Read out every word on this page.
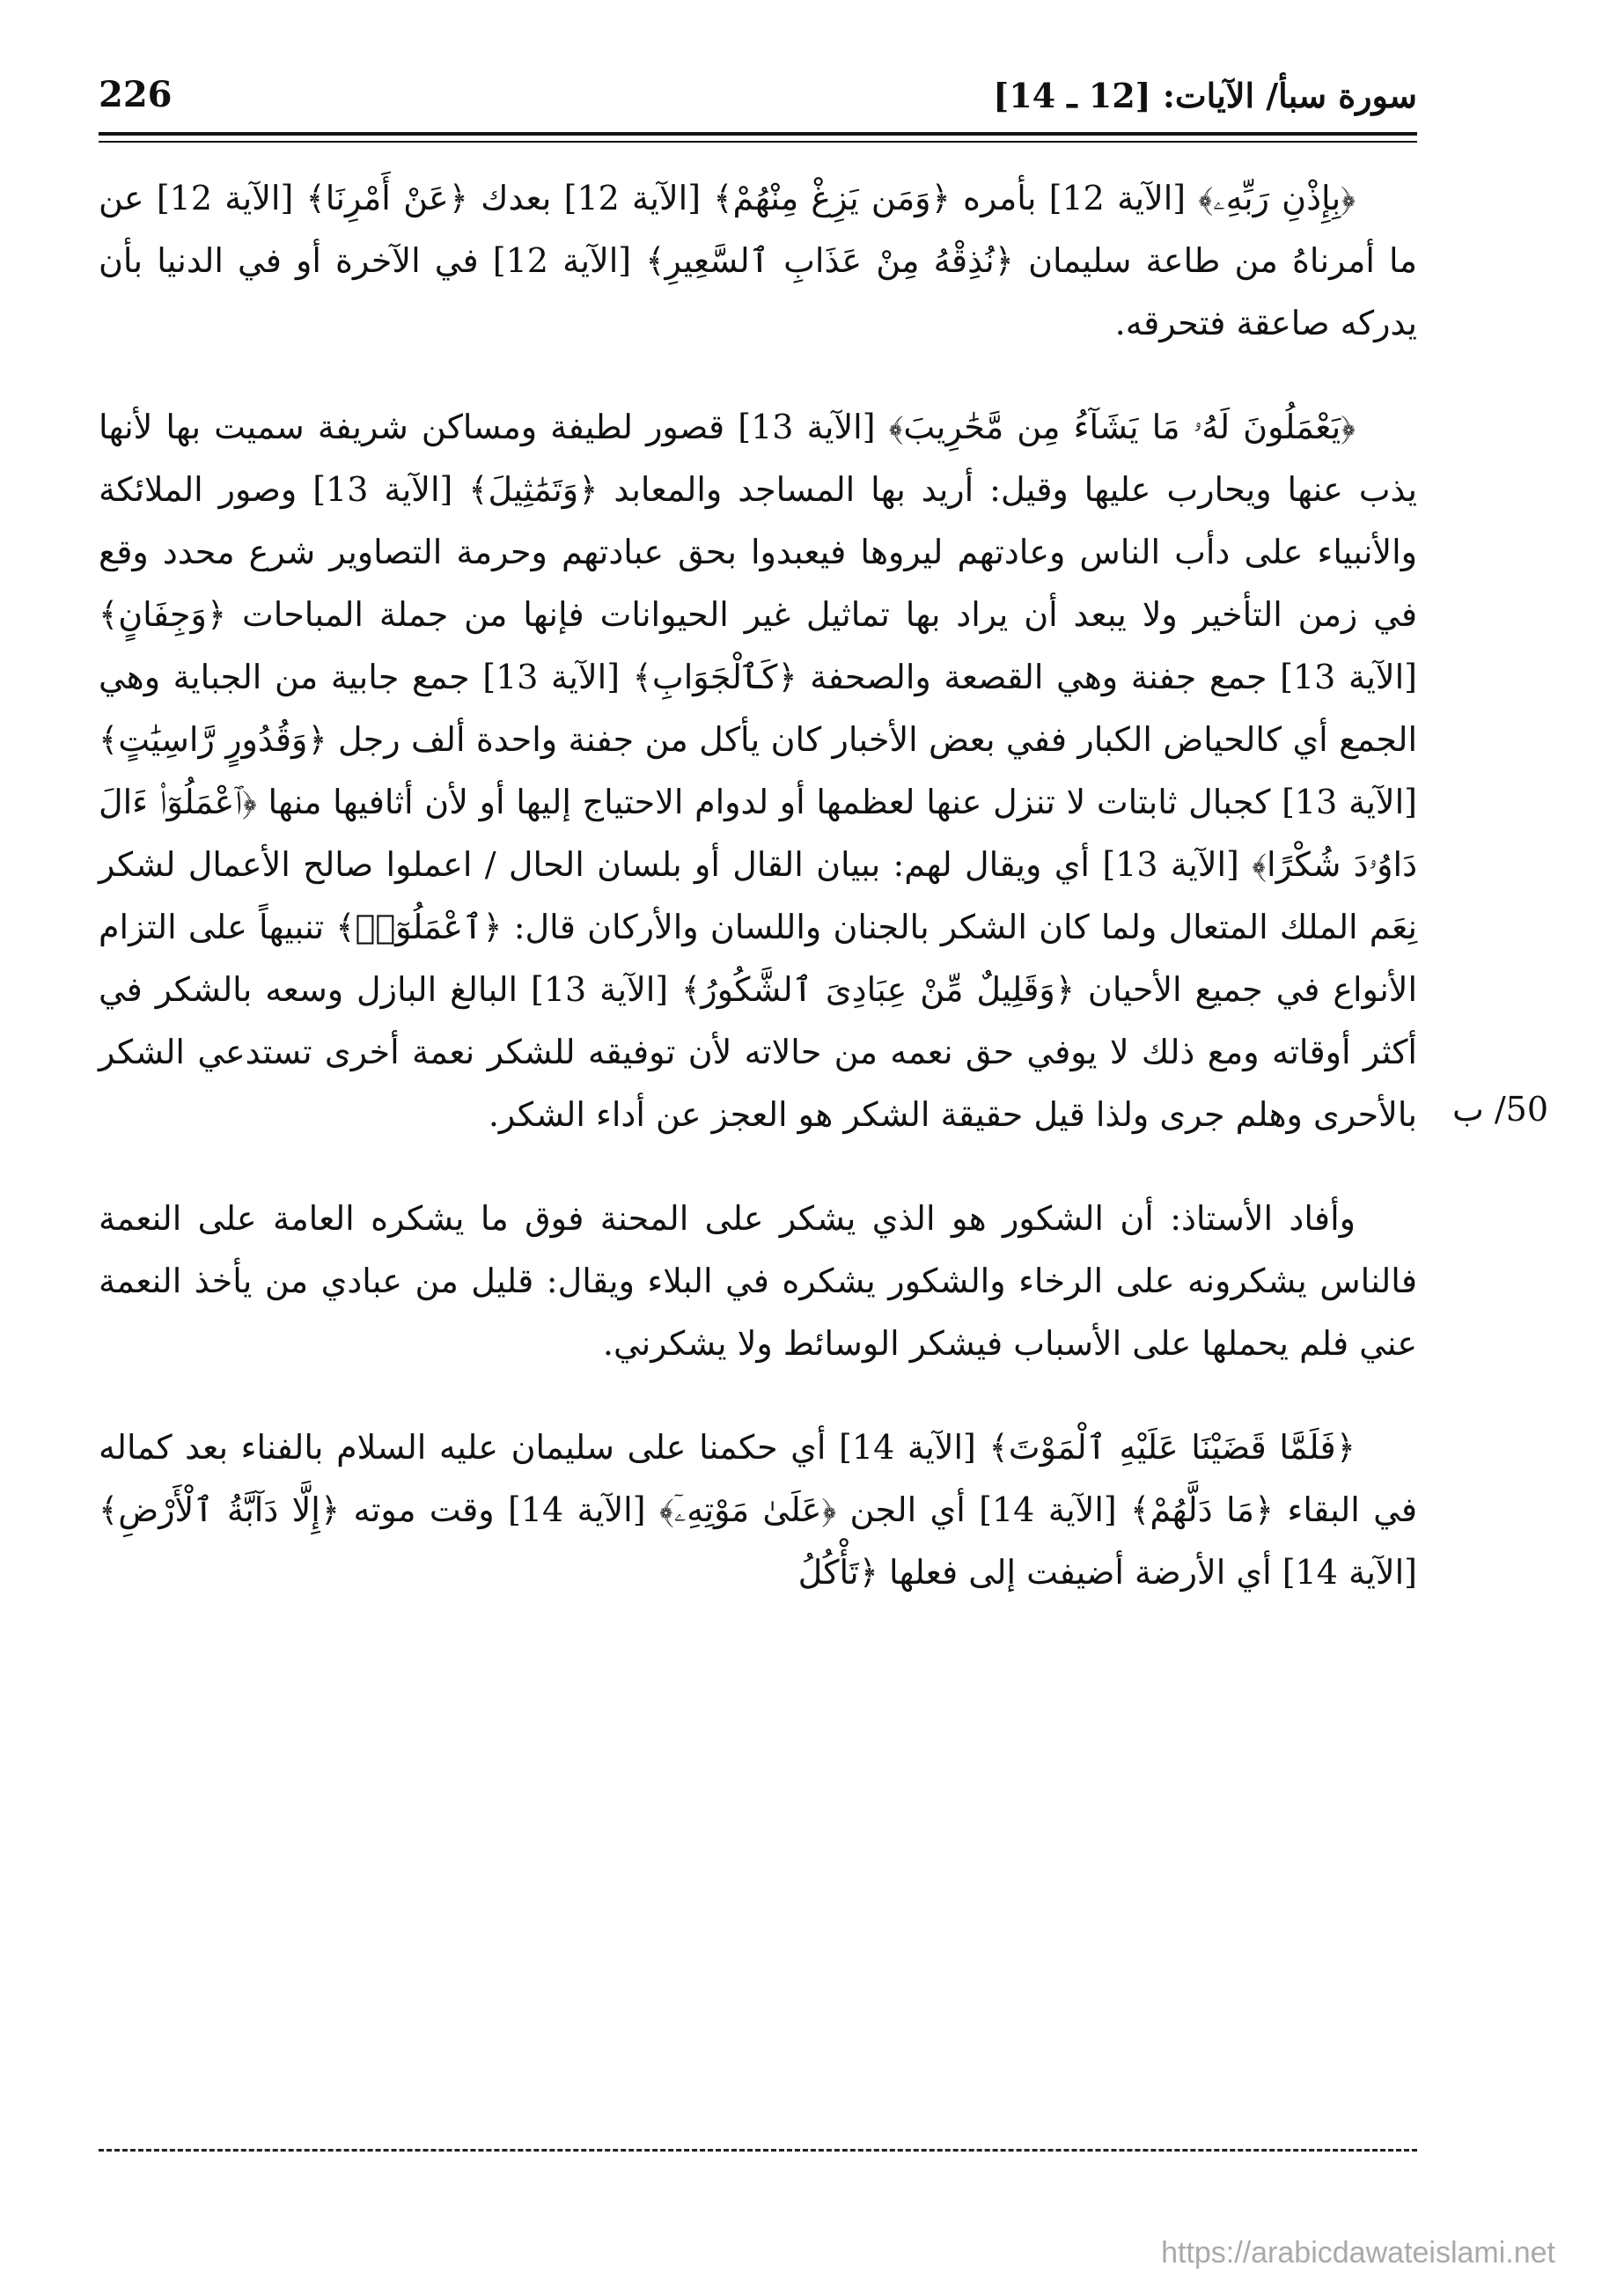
سورة سبأ/ الآيات: [12 ـ 14]
226
50/ ب

﴿بِإِذْنِ رَبِّهِۦ﴾ [الآية 12] بأمره ﴿وَمَن يَزِغْ مِنْهُمْ﴾ [الآية 12] بعدك ﴿عَنْ أَمْرِنَا﴾ [الآية 12] عن ما أمرناهُ من طاعة سليمان ﴿نُذِقْهُ مِنْ عَذَابِ ٱلسَّعِيرِ﴾ [الآية 12] في الآخرة أو في الدنيا بأن يدركه صاعقة فتحرقه.

﴿يَعْمَلُونَ لَهُۥ مَا يَشَآءُ مِن مَّحَٰرِيبَ﴾ [الآية 13] قصور لطيفة ومساكن شريفة سميت بها لأنها يذب عنها ويحارب عليها وقيل: أريد بها المساجد والمعابد ﴿وَتَمَٰثِيلَ﴾ [الآية 13] وصور الملائكة والأنبياء على دأب الناس وعادتهم ليروها فيعبدوا بحق عبادتهم وحرمة التصاوير شرع محدد وقع في زمن التأخير ولا يبعد أن يراد بها تماثيل غير الحيوانات فإنها من جملة المباحات ﴿وَجِفَانٍ﴾ [الآية 13] جمع جفنة وهي القصعة والصحفة ﴿كَٱلْجَوَابِ﴾ [الآية 13] جمع جابية من الجباية وهي الجمع أي كالحياض الكبار ففي بعض الأخبار كان يأكل من جفنة واحدة ألف رجل ﴿وَقُدُورٍ رَّاسِيَٰتٍ﴾ [الآية 13] كجبال ثابتات لا تنزل عنها لعظمها أو لدوام الاحتياج إليها أو لأن أثافيها منها ﴿ٱعْمَلُوٓا۟ ءَالَ دَاوُۥدَ شُكْرًا﴾ [الآية 13] أي ويقال لهم: ببيان القال أو بلسان الحال / اعملوا صالح الأعمال لشكر نِعَم الملك المتعال ولما كان الشكر بالجنان واللسان والأركان قال: ﴿ٱعْمَلُوٓا۟﴾ تنبيهاً على التزام الأنواع في جميع الأحيان ﴿وَقَلِيلٌ مِّنْ عِبَادِىَ ٱلشَّكُورُ﴾ [الآية 13] البالغ البازل وسعه بالشكر في أكثر أوقاته ومع ذلك لا يوفي حق نعمه من حالاته لأن توفيقه للشكر نعمة أخرى تستدعي الشكر بالأحرى وهلم جرى ولذا قيل حقيقة الشكر هو العجز عن أداء الشكر.

وأفاد الأستاذ: أن الشكور هو الذي يشكر على المحنة فوق ما يشكره العامة على النعمة فالناس يشكرونه على الرخاء والشكور يشكره في البلاء ويقال: قليل من عبادي من يأخذ النعمة عني فلم يحملها على الأسباب فيشكر الوسائط ولا يشكرني.

﴿فَلَمَّا قَضَيْنَا عَلَيْهِ ٱلْمَوْتَ﴾ [الآية 14] أي حكمنا على سليمان عليه السلام بالفناء بعد كماله في البقاء ﴿مَا دَلَّهُمْ﴾ [الآية 14] أي الجن ﴿عَلَىٰ مَوْتِهِۦٓ﴾ [الآية 14] وقت موته ﴿إِلَّا دَآبَّةُ ٱلْأَرْضِ﴾ [الآية 14] أي الأرضة أضيفت إلى فعلها ﴿تَأْكُلُ

https://arabicdawateislami.net
